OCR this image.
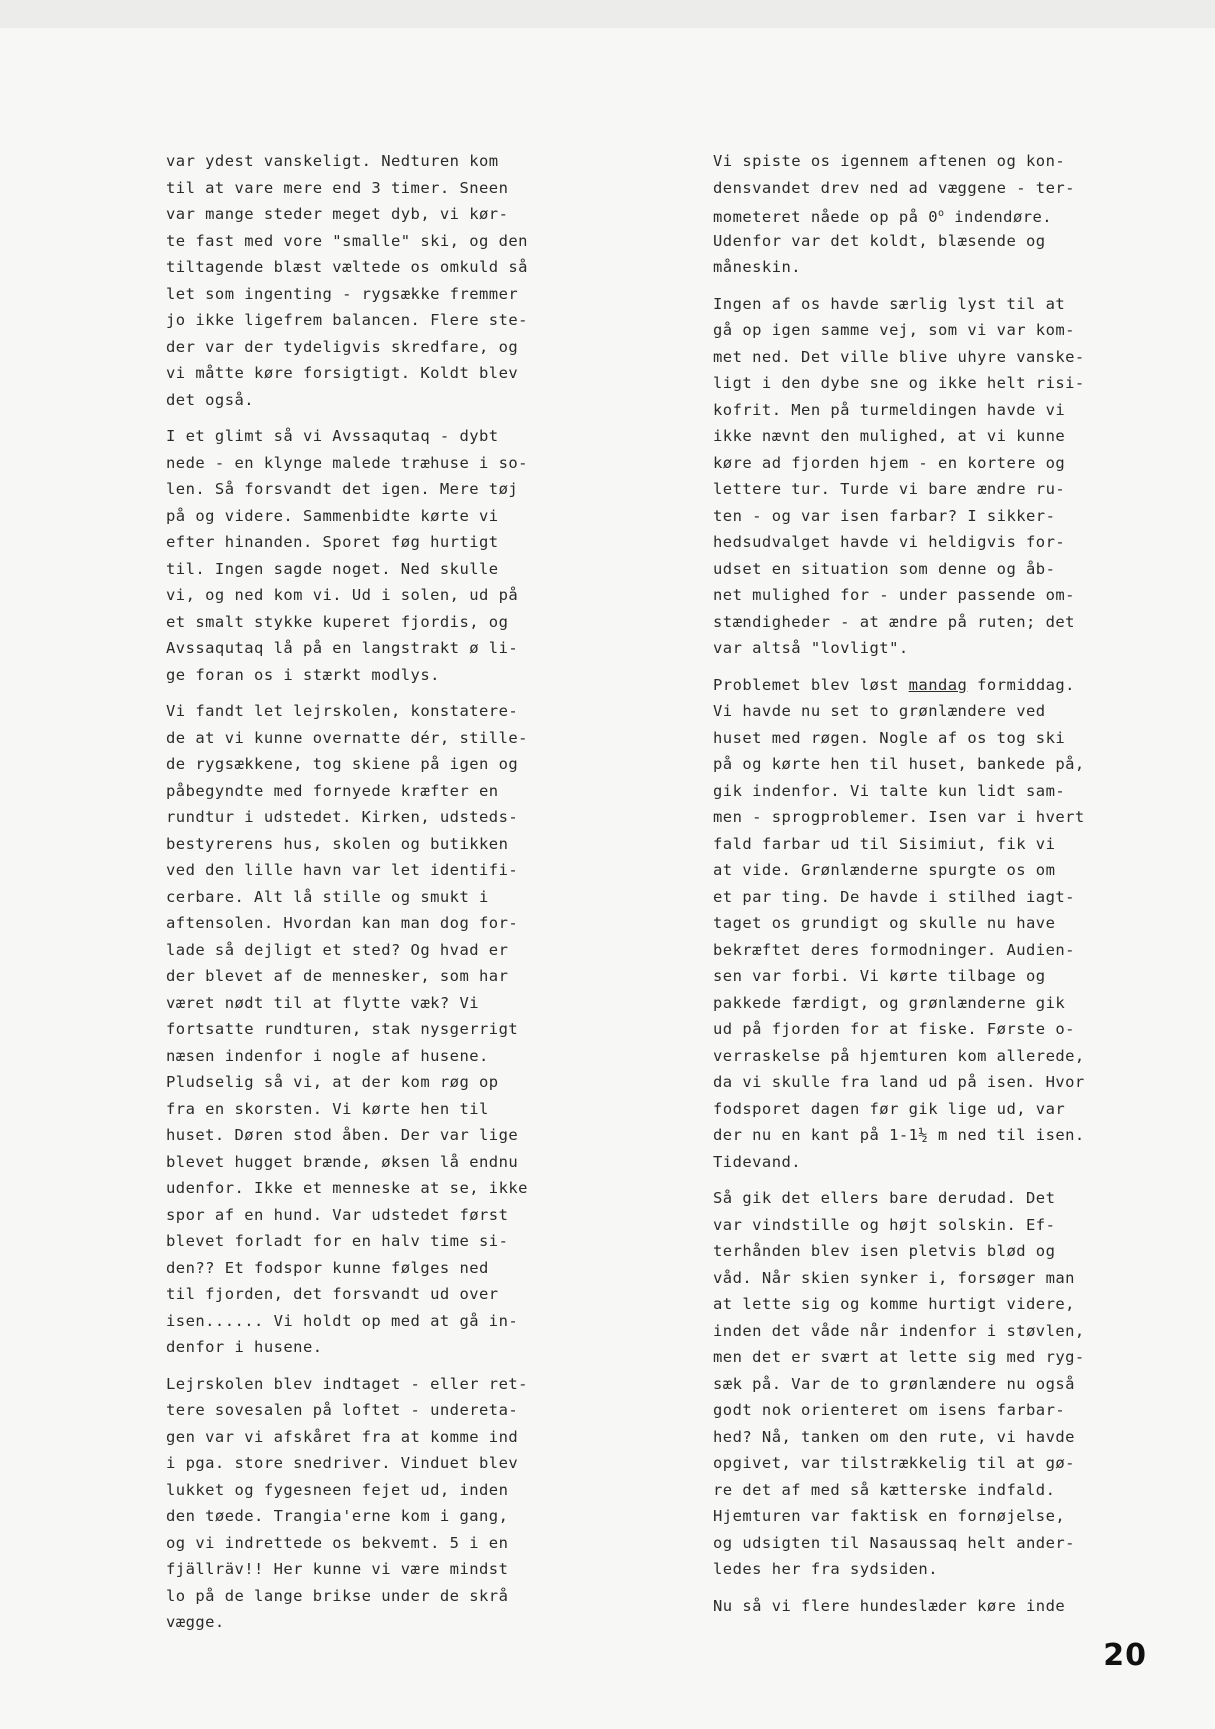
var ydest vanskeligt. Nedturen kom
til at vare mere end 3 timer. Sneen
var mange steder meget dyb, vi kør-
te fast med vore "smalle" ski, og den
tiltagende blæst væltede os omkuld så
let som ingenting - rygsække fremmer
jo ikke ligefrem balancen. Flere ste-
der var der tydeligvis skredfare, og
vi måtte køre forsigtigt. Koldt blev
det også.
I et glimt så vi Avssaqutaq - dybt
nede - en klynge malede træhuse i so-
len. Så forsvandt det igen. Mere tøj
på og videre. Sammenbidte kørte vi
efter hinanden. Sporet føg hurtigt
til. Ingen sagde noget. Ned skulle
vi, og ned kom vi. Ud i solen, ud på
et smalt stykke kuperet fjordis, og
Avssaqutaq lå på en langstrakt ø li-
ge foran os i stærkt modlys.
Vi fandt let lejrskolen, konstatere-
de at vi kunne overnatte dér, stille-
de rygsækkene, tog skiene på igen og
påbegyndte med fornyede kræfter en
rundtur i udstedet. Kirken, udsteds-
bestyrerens hus, skolen og butikken
ved den lille havn var let identifi-
cerbare. Alt lå stille og smukt i
aftensolen. Hvordan kan man dog for-
lade så dejligt et sted? Og hvad er
der blevet af de mennesker, som har
været nødt til at flytte væk? Vi
fortsatte rundturen, stak nysgerrigt
næsen indenfor i nogle af husene.
Pludselig så vi, at der kom røg op
fra en skorsten. Vi kørte hen til
huset. Døren stod åben. Der var lige
blevet hugget brænde, øksen lå endnu
udenfor. Ikke et menneske at se, ikke
spor af en hund. Var udstedet først
blevet forladt for en halv time si-
den?? Et fodspor kunne følges ned
til fjorden, det forsvandt ud over
isen...... Vi holdt op med at gå in-
denfor i husene.
Lejrskolen blev indtaget - eller ret-
tere sovesalen på loftet - undereta-
gen var vi afskåret fra at komme ind
i pga. store snedriver. Vinduet blev
lukket og fygesneen fejet ud, inden
den tøede. Trangia'erne kom i gang,
og vi indrettede os bekvemt. 5 i en
fjällräv!! Her kunne vi være mindst
lo på de lange brikse under de skrå
vægge.
Vi spiste os igennem aftenen og kon-
densvandet drev ned ad væggene - ter-
mometeret nåede op på 0$^o$ indendøre.
Udenfor var det koldt, blæsende og
måneskin.
Ingen af os havde særlig lyst til at
gå op igen samme vej, som vi var kom-
met ned. Det ville blive uhyre vanske-
ligt i den dybe sne og ikke helt risi-
kofrit. Men på turmeldingen havde vi
ikke nævnt den mulighed, at vi kunne
køre ad fjorden hjem - en kortere og
lettere tur. Turde vi bare ændre ru-
ten - og var isen farbar? I sikker-
hedsudvalget havde vi heldigvis for-
udset en situation som denne og åb-
net mulighed for - under passende om-
stændigheder - at ændre på ruten; det
var altså "lovligt".
Problemet blev løst mandag formiddag.
Vi havde nu set to grønlændere ved
huset med røgen. Nogle af os tog ski
på og kørte hen til huset, bankede på,
gik indenfor. Vi talte kun lidt sam-
men - sprogproblemer. Isen var i hvert
fald farbar ud til Sisimiut, fik vi
at vide. Grønlænderne spurgte os om
et par ting. De havde i stilhed iagt-
taget os grundigt og skulle nu have
bekræftet deres formodninger. Audien-
sen var forbi. Vi kørte tilbage og
pakkede færdigt, og grønlænderne gik
ud på fjorden for at fiske. Første o-
verraskelse på hjemturen kom allerede,
da vi skulle fra land ud på isen. Hvor
fodsporet dagen før gik lige ud, var
der nu en kant på 1-1½ m ned til isen.
Tidevand.
Så gik det ellers bare derudad. Det
var vindstille og højt solskin. Ef-
terhånden blev isen pletvis blød og
våd. Når skien synker i, forsøger man
at lette sig og komme hurtigt videre,
inden det våde når indenfor i støvlen,
men det er svært at lette sig med ryg-
sæk på. Var de to grønlændere nu også
godt nok orienteret om isens farbar-
hed? Nå, tanken om den rute, vi havde
opgivet, var tilstrækkelig til at gø-
re det af med så kætterske indfald.
Hjemturen var faktisk en fornøjelse,
og udsigten til Nasaussaq helt ander-
ledes her fra sydsiden.
Nu så vi flere hundeslæder køre inde
20
